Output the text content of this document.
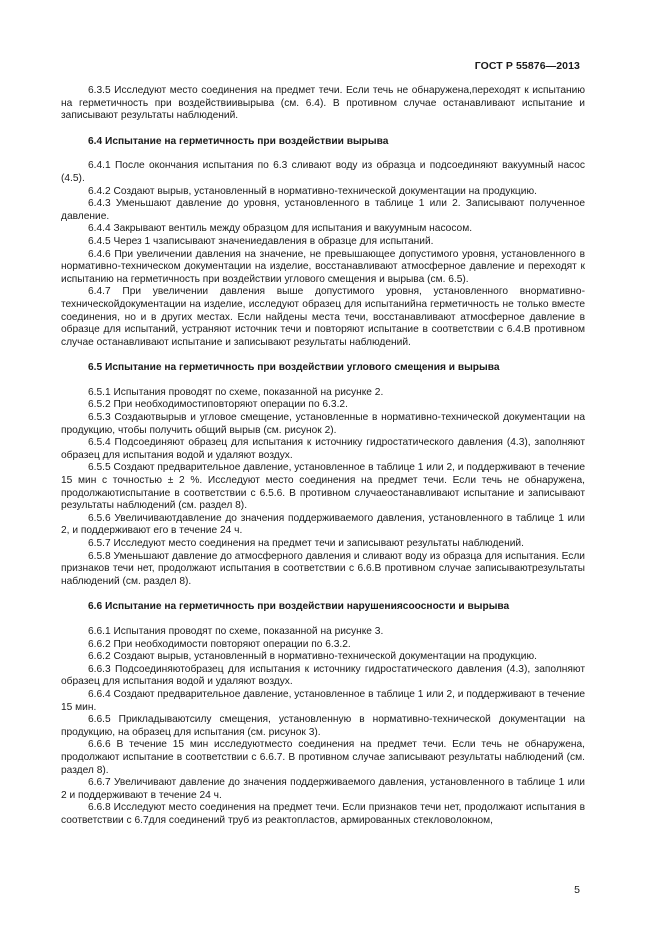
ГОСТ Р 55876—2013
6.3.5 Исследуют место соединения на предмет течи. Если течь не обнаружена,переходят к испытанию на герметичность при воздействиивырыва (см. 6.4). В противном случае останавливают испытание и записывают результаты наблюдений.
6.4 Испытание на герметичность при воздействии вырыва
6.4.1 После окончания испытания по 6.3 сливают воду из образца и подсоединяют вакуумный насос (4.5).
6.4.2 Создают вырыв, установленный в нормативно-технической документации на продукцию.
6.4.3 Уменьшают давление до уровня, установленного в таблице 1 или 2. Записывают полученное давление.
6.4.4 Закрывают вентиль между образцом для испытания и вакуумным насосом.
6.4.5 Через 1 чзаписывают значениедавления в образце для испытаний.
6.4.6 При увеличении давления на значение, не превышающее допустимого уровня, установленного в нормативно-техническом документации на изделие, восстанавливают атмосферное давление и переходят к испытанию на герметичность при воздействии углового смещения и вырыва (см. 6.5).
6.4.7 При увеличении давления выше допустимого уровня, установленного внормативно-техническойдокументации на изделие, исследуют образец для испытанийна герметичность не только вместе соединения, но и в других местах. Если найдены места течи, восстанавливают атмосферное давление в образце для испытаний, устраняют источник течи и повторяют испытание в соответствии с 6.4.В противном случае останавливают испытание и записывают результаты наблюдений.
6.5 Испытание на герметичность при воздействии углового смещения и вырыва
6.5.1 Испытания проводят по схеме, показанной на рисунке 2.
6.5.2 При необходимостиповторяют операции по 6.3.2.
6.5.3 Создаютвырыв и угловое смещение, установленные в нормативно-технической документации на продукцию, чтобы получить общий вырыв (см. рисунок 2).
6.5.4 Подсоединяют образец для испытания к источнику гидростатического давления (4.3), заполняют образец для испытания водой и удаляют воздух.
6.5.5 Создают предварительное давление, установленное в таблице 1 или 2, и поддерживают в течение 15 мин с точностью ± 2 %. Исследуют место соединения на предмет течи. Если течь не обнаружена, продолжаютиспытание в соответствии с 6.5.6. В противном случаеостанавливают испытание и записывают результаты наблюдений (см. раздел 8).
6.5.6 Увеличиваютдавление до значения поддерживаемого давления, установленного в таблице 1 или 2, и поддерживают его в течение 24 ч.
6.5.7 Исследуют место соединения на предмет течи и записывают результаты наблюдений.
6.5.8 Уменьшают давление до атмосферного давления и сливают воду из образца для испытания. Если признаков течи нет, продолжают испытания в соответствии с 6.6.В противном случае записываютрезультаты наблюдений (см. раздел 8).
6.6 Испытание на герметичность при воздействии нарушениясоосности и вырыва
6.6.1 Испытания проводят по схеме, показанной на рисунке 3.
6.6.2 При необходимости повторяют операции по 6.3.2.
6.6.2 Создают вырыв, установленный в нормативно-технической документации на продукцию.
6.6.3 Подсоединяютобразец для испытания к источнику гидростатического давления (4.3), заполняют образец для испытания водой и удаляют воздух.
6.6.4 Создают предварительное давление, установленное в таблице 1 или 2, и поддерживают в течение 15 мин.
6.6.5 Прикладываютсилу смещения, установленную в нормативно-технической документации на продукцию, на образец для испытания (см. рисунок 3).
6.6.6 В течение 15 мин исследуютместо соединения на предмет течи. Если течь не обнаружена, продолжают испытание в соответствии с 6.6.7. В противном случае записывают результаты наблюдений (см. раздел 8).
6.6.7 Увеличивают давление до значения поддерживаемого давления, установленного в таблице 1 или 2 и поддерживают в течение 24 ч.
6.6.8 Исследуют место соединения на предмет течи. Если признаков течи нет, продолжают испытания в соответствии с 6.7для соединений труб из реактопластов, армированных стекловолокном,
5
